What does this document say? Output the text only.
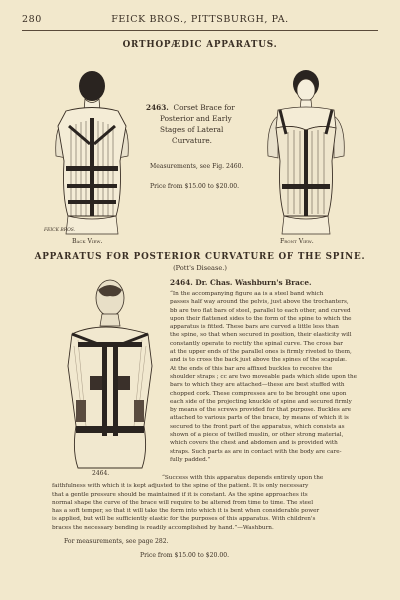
280	FEICK BROS., PITTSBURGH, PA.
ORTHOPÆDIC APPARATUS.
FEICK BROS.
Back View.
2463. Corset Brace for
Posterior and Early
Stages of Lateral
Curvature.
Measurements, see Fig. 2460.
Price from $15.00 to $20.00.
Front View.
APPARATUS FOR POSTERIOR CURVATURE OF THE SPINE.
(Pott's Disease.)
2464. Dr. Chas. Washburn's Brace.
2464.
“In the accompanying figure aa is a steel band which
passes half way around the pelvis, just above the trochanters,
bb are two flat bars of steel, parallel to each other, and curved
upon their flattened sides to the form of the spine to which the
apparatus is fitted. These bars are curved a little less than
the spine, so that when secured in position, their elasticity will
constantly operate to rectify the spinal curve. The cross bar
at the upper ends of the parallel ones is firmly riveted to them,
and is to cross the back just above the spines of the scapulæ.
At the ends of this bar are affixed buckles to receive the
shoulder straps ; cc are two moveable pads which slide upon the
bars to which they are attached—these are best stuffed with
chopped cork. These compresses are to be brought one upon
each side of the projecting knuckle of spine and secured firmly
by means of the screws provided for that purpose. Buckles are
attached to various parts of the brace, by means of which it is
secured to the front part of the apparatus, which consists as
shown of a piece of twilled muslin, or other strong material,
which covers the chest and abdomen and is provided with
straps. Such parts as are in contact with the body are care-
fully padded.”
“Success with this apparatus depends entirely upon the
faithfulness with which it is kept adjusted to the spine of the patient. It is only necessary
that a gentle pressure should be maintained if it is constant. As the spine approaches its
normal shape the curve of the brace will require to be altered from time to time. The steel
has a soft temper, so that it will take the form into which it is bent when considerable power
is applied, but will be sufficiently elastic for the purposes of this apparatus. With children's
braces the necessary bending is readily accomplished by hand.”—Washburn.
For measurements, see page 282.
Price from $15.00 to $20.00.
